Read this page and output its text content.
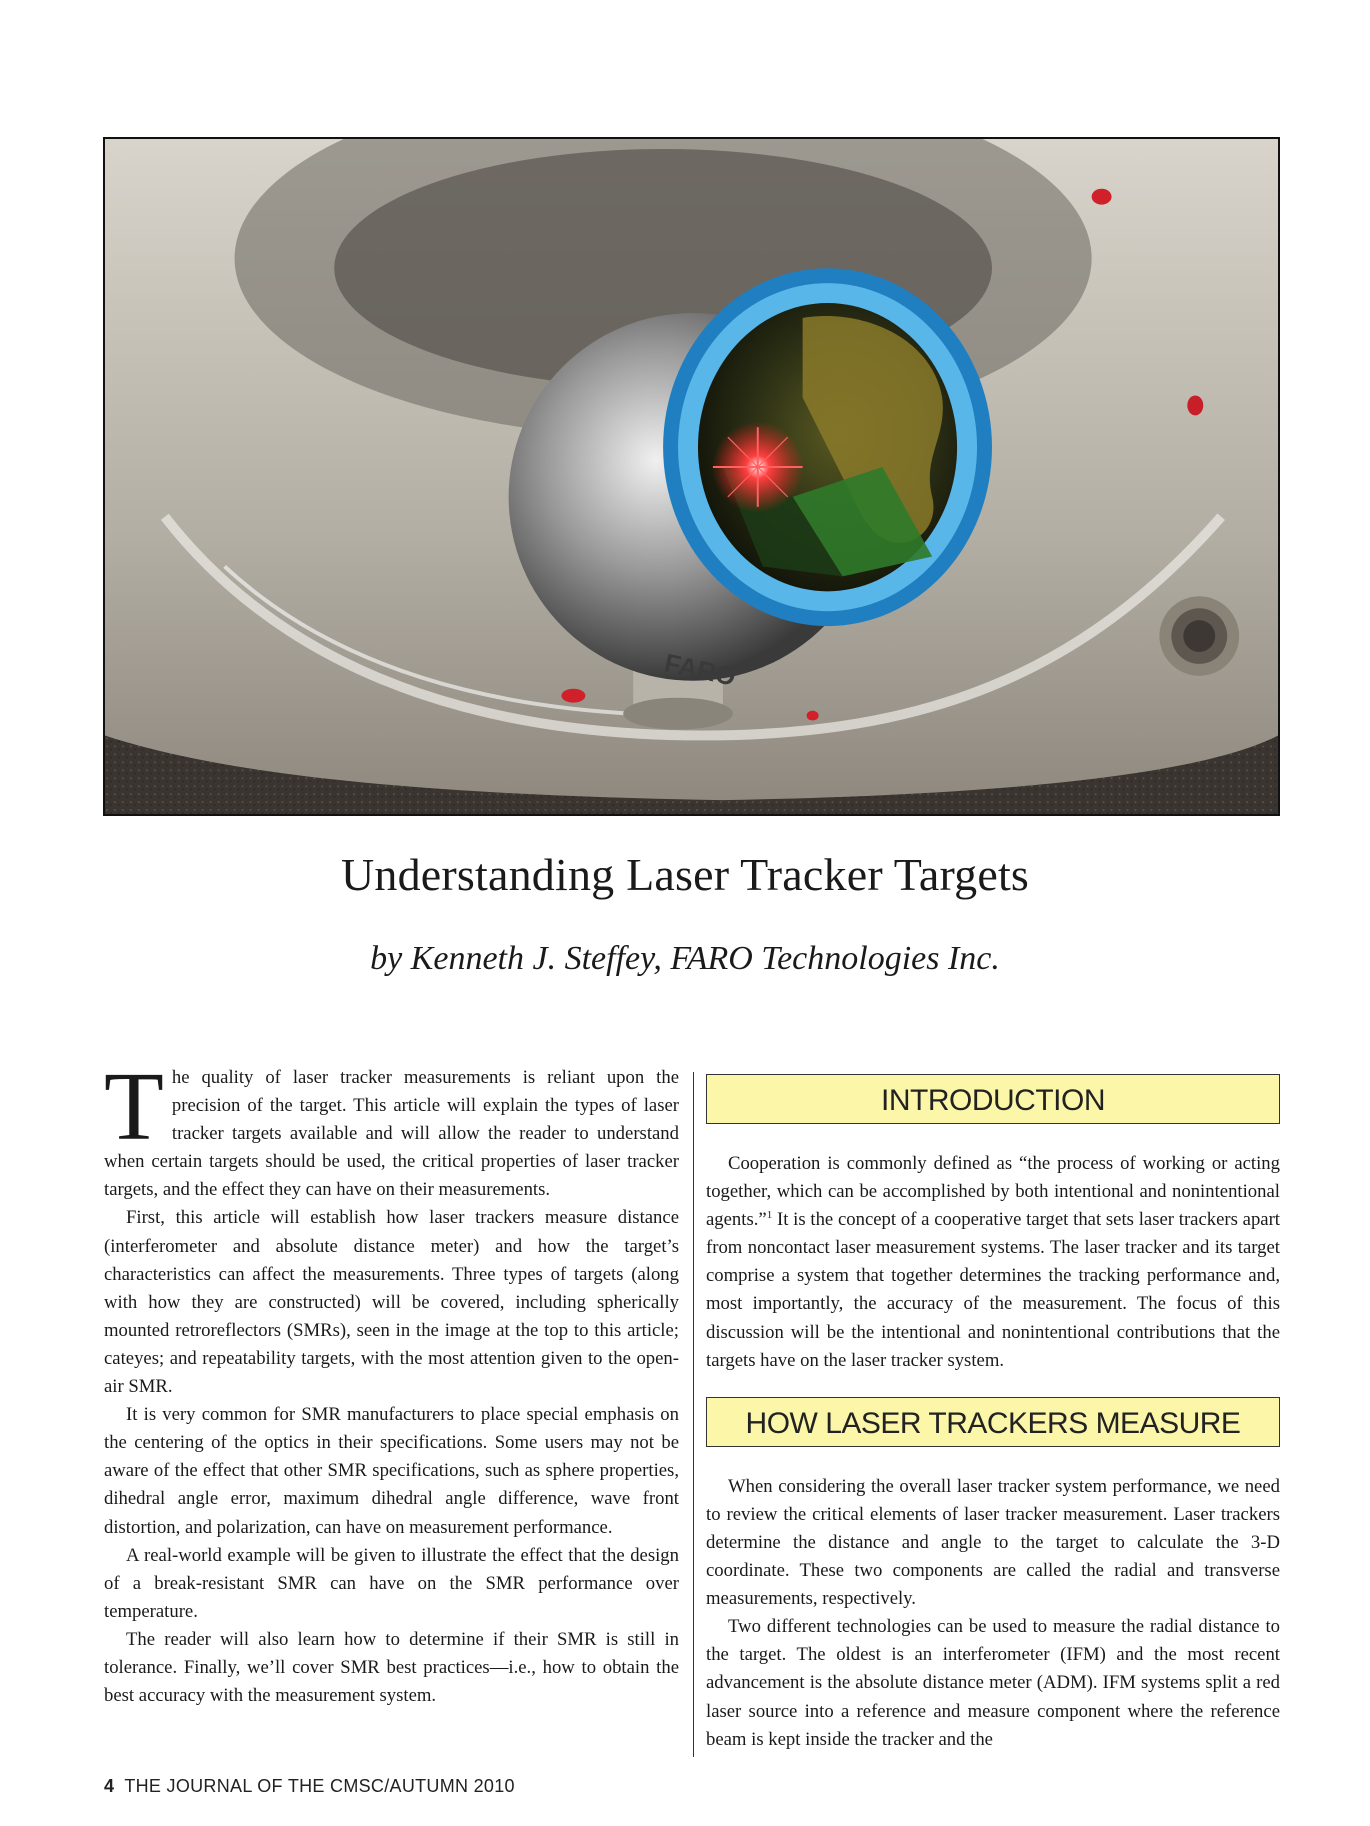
FARO
Understanding Laser Tracker Targets

by Kenneth J. Steffey, FARO Technologies Inc.

The quality of laser tracker measurements is reliant upon the precision of the target. This article will explain the types of laser tracker targets available and will allow the reader to understand when certain targets should be used, the critical properties of laser tracker targets, and the effect they can have on their measurements.

First, this article will establish how laser trackers measure distance (interferometer and absolute distance meter) and how the target’s characteristics can affect the measurements. Three types of targets (along with how they are constructed) will be covered, including spherically mounted retroreflectors (SMRs), seen in the image at the top to this article; cateyes; and repeatability targets, with the most attention given to the open-air SMR.

It is very common for SMR manufacturers to place special emphasis on the centering of the optics in their specifications. Some users may not be aware of the effect that other SMR specifications, such as sphere properties, dihedral angle error, maximum dihedral angle difference, wave front distortion, and polarization, can have on measurement performance.

A real-world example will be given to illustrate the effect that the design of a break-resistant SMR can have on the SMR performance over temperature.

The reader will also learn how to determine if their SMR is still in tolerance. Finally, we’ll cover SMR best practices—i.e., how to obtain the best accuracy with the measurement system.

INTRODUCTION

Cooperation is commonly defined as “the process of working or acting together, which can be accomplished by both intentional and nonintentional agents.”$^1$ It is the concept of a cooperative target that sets laser trackers apart from noncontact laser measurement systems. The laser tracker and its target comprise a system that together determines the tracking performance and, most importantly, the accuracy of the measurement. The focus of this discussion will be the intentional and nonintentional contributions that the targets have on the laser tracker system.

HOW LASER TRACKERS MEASURE

When considering the overall laser tracker system performance, we need to review the critical elements of laser tracker measurement. Laser trackers determine the distance and angle to the target to calculate the 3-D coordinate. These two components are called the radial and transverse measurements, respectively.

Two different technologies can be used to measure the radial distance to the target. The oldest is an interferometer (IFM) and the most recent advancement is the absolute distance meter (ADM). IFM systems split a red laser source into a reference and measure component where the reference beam is kept inside the tracker and the

4 THE JOURNAL OF THE CMSC/AUTUMN 2010
